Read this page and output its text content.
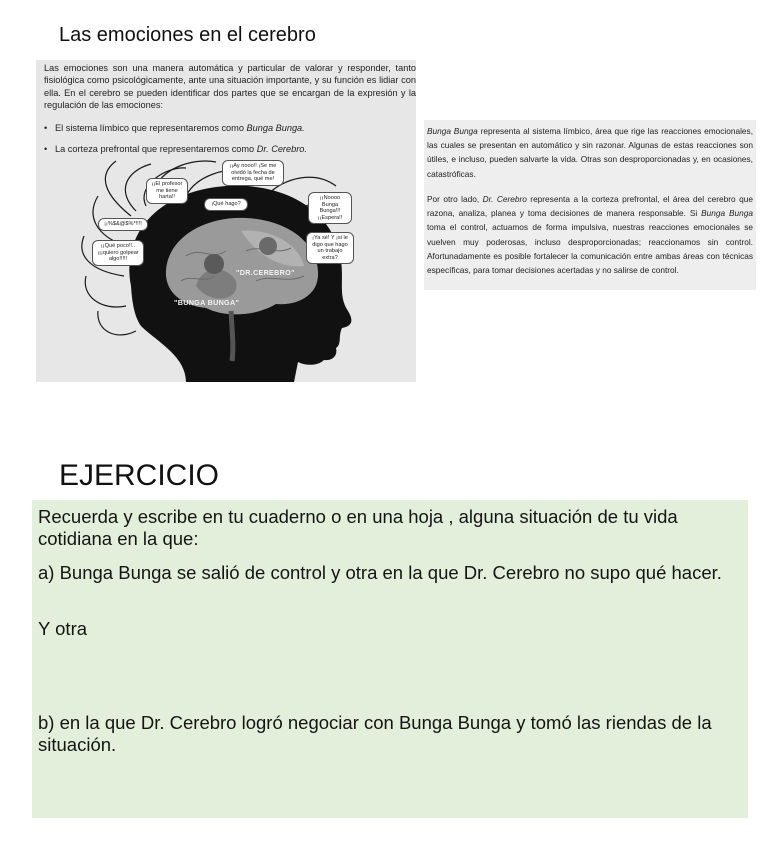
Las emociones en el cerebro
Las emociones son una manera automática y particular de valorar y responder, tanto fisiológica como psicológicamente, ante una situación importante, y su función es lidiar con ella. En el cerebro se pueden identificar dos partes que se encargan de la expresión y la regulación de las emociones:
• El sistema límbico que representaremos como Bunga Bunga.
• La corteza prefrontal que representaremos como Dr. Cerebro.
¡¡Ay nooo!! ¡Se me olvidó la fecha de entrega, qué me!
¡¡El profesor me tiene harta!!
¡Qué hago?
¡¡Noooo Bunga Bunga!!! ¡¡Espera!!
¡¡%$&@$%*!!!!
¡Ya sé! Y ¡si le digo que hago un trabajo extra?
¡¡Qué poco!!.. ¡¡¡quiero golpear algo!!!!!
"DR.CEREBRO"
"BUNGA BUNGA"

Bunga Bunga representa al sistema límbico, área que rige las reacciones emocionales, las cuales se presentan en automático y sin razonar. Algunas de estas reacciones son útiles, e incluso, pueden salvarte la vida. Otras son desproporcionadas y, en ocasiones, catastróficas.

Por otro lado, Dr. Cerebro representa a la corteza prefrontal, el área del cerebro que razona, analiza, planea y toma decisiones de manera responsable. Si Bunga Bunga toma el control, actuamos de forma impulsiva, nuestras reacciones emocionales se vuelven muy poderosas, incluso desproporcionadas; reaccionamos sin control. Afortunadamente es posible fortalecer la comunicación entre ambas áreas con técnicas específicas, para tomar decisiones acertadas y no salirse de control.

EJERCICIO
Recuerda y escribe en tu cuaderno o en una hoja , alguna situación de tu vida cotidiana en la que:
a) Bunga Bunga se salió de control y otra en la que Dr. Cerebro no supo qué hacer.
Y otra
b) en la que Dr. Cerebro logró negociar con Bunga Bunga y tomó las riendas de la situación.
